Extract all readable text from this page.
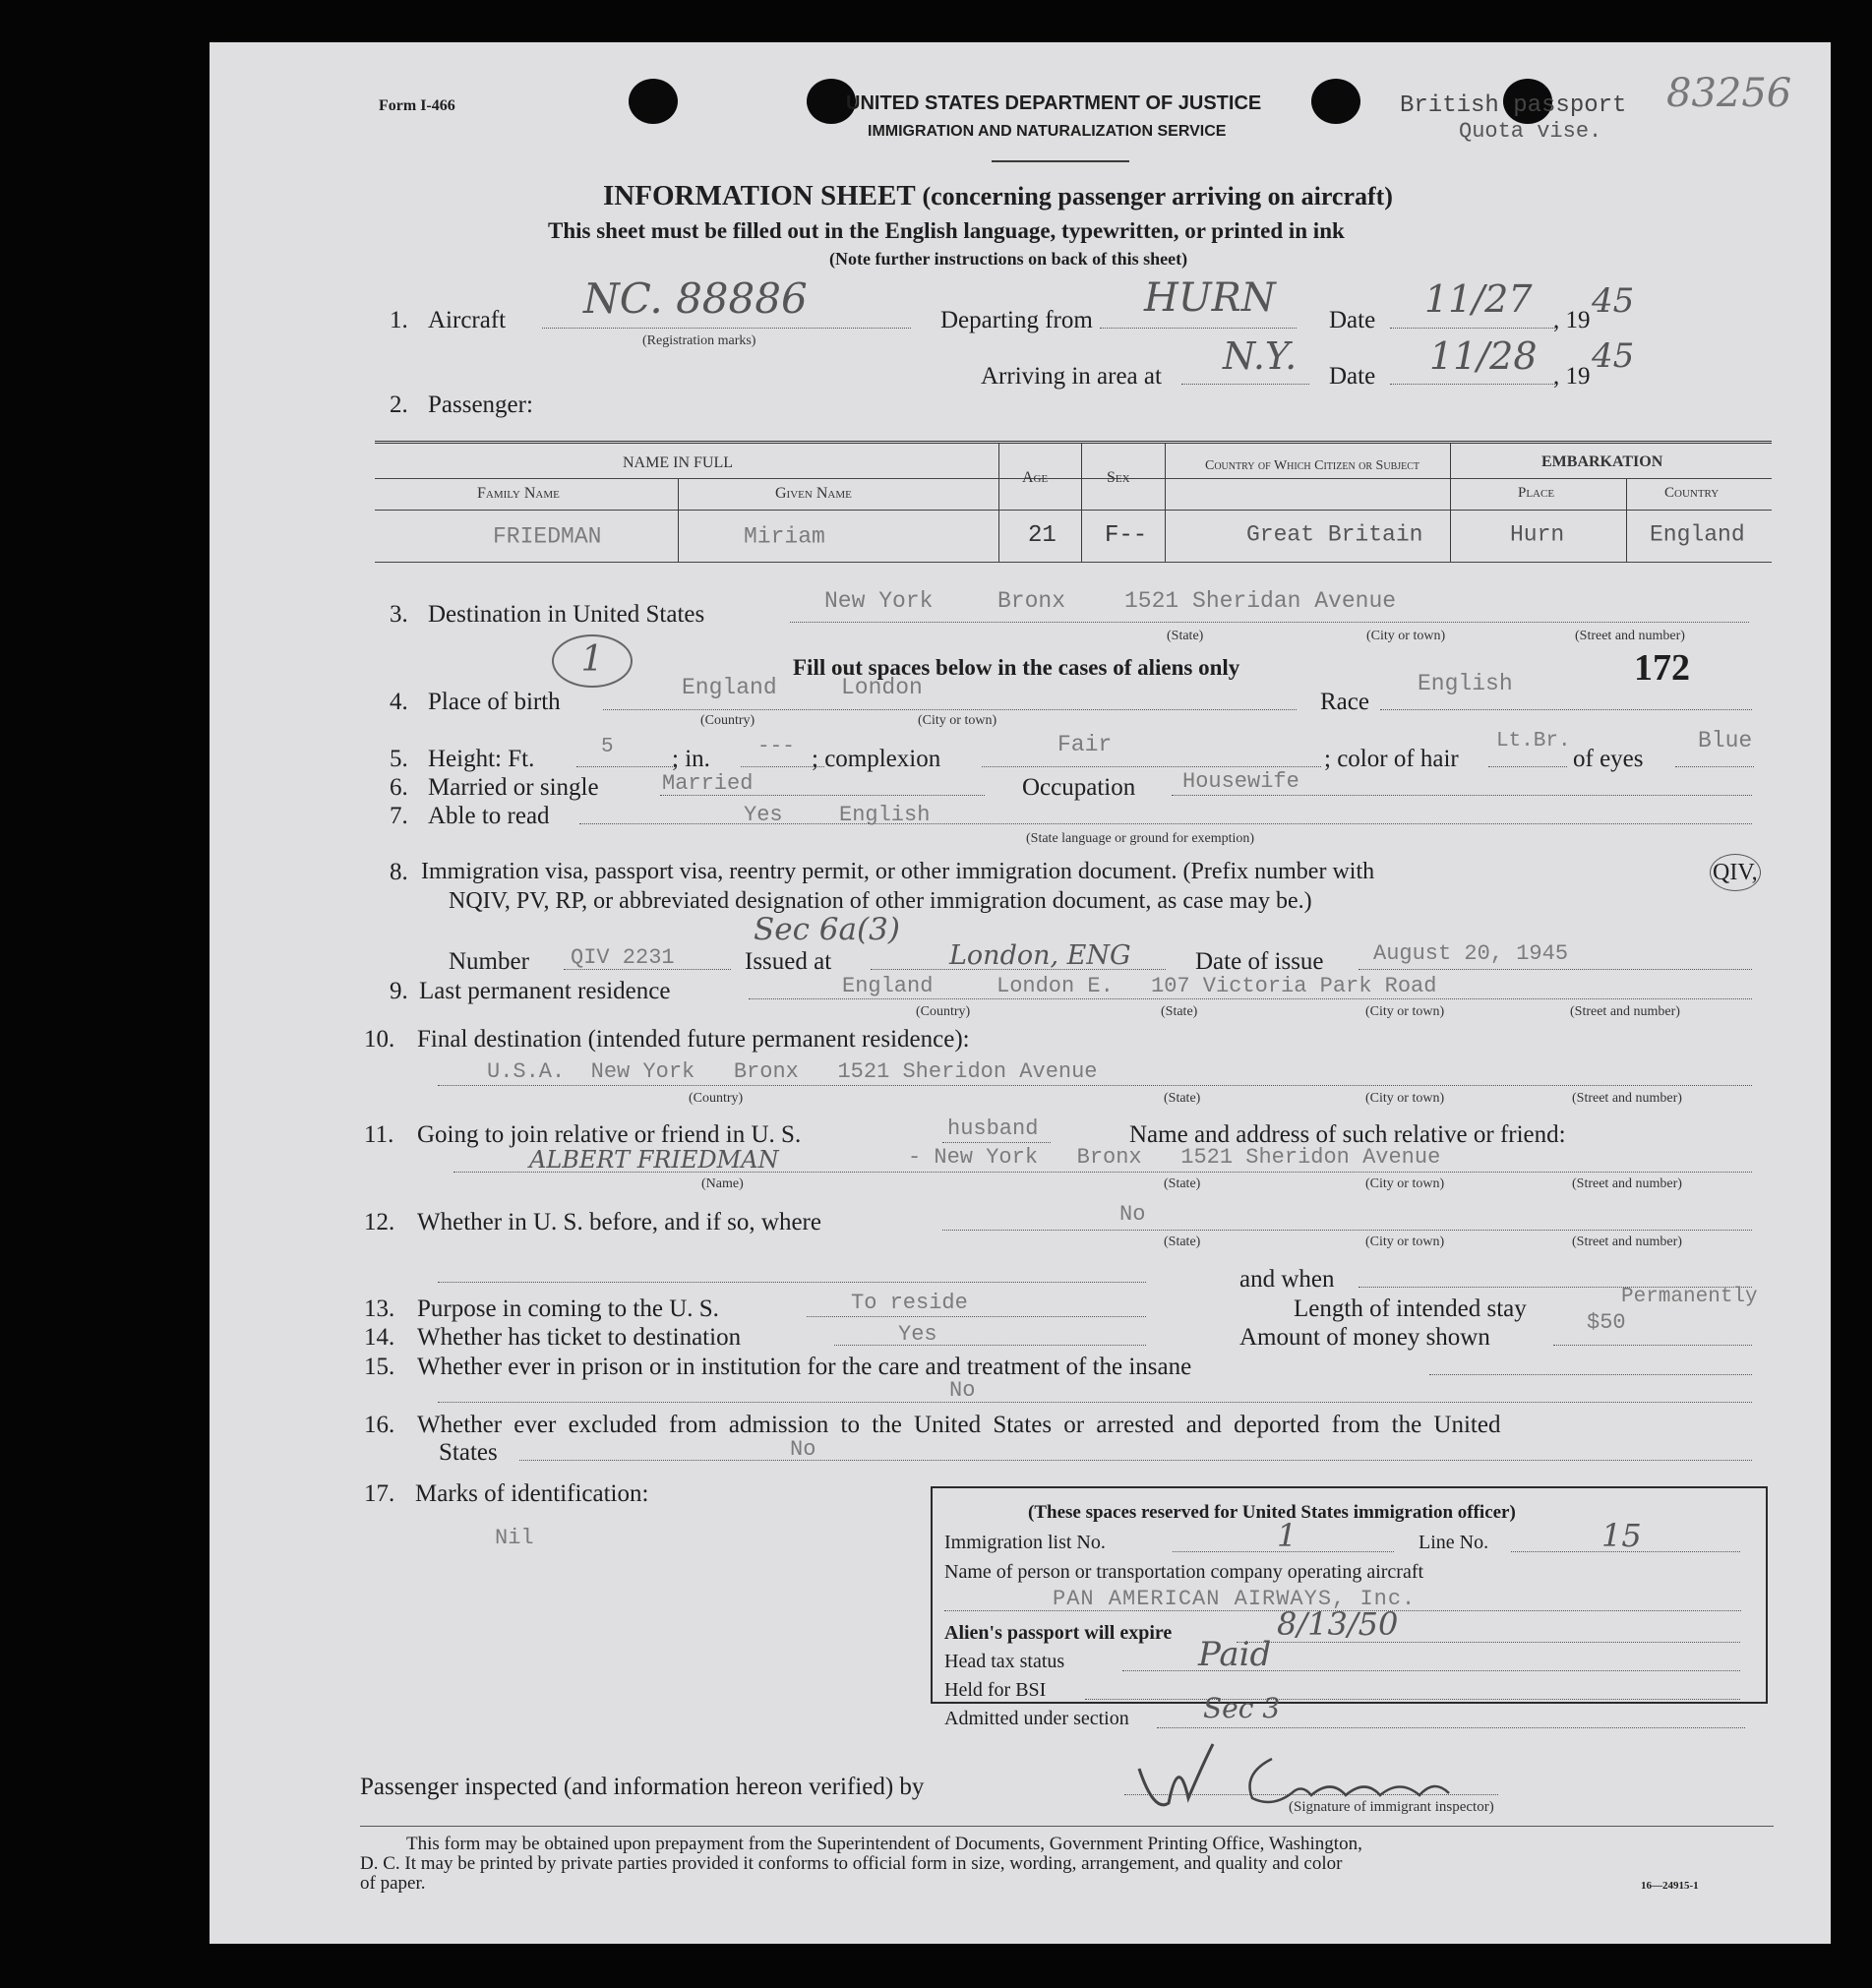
Form I-466	UNITED STATES DEPARTMENT OF JUSTICE
IMMIGRATION AND NATURALIZATION SERVICE
British passport
Quota vise.
83256
INFORMATION SHEET (concerning passenger arriving on aircraft)
This sheet must be filled out in the English language, typewritten, or printed in ink
(Note further instructions on back of this sheet)
1. Aircraft NC. 88886
(Registration marks)
Departing from HURN Date 11/27 , 19 45
Arriving in area at N.Y. Date 11/28 , 19
45
2. Passenger:
NAME IN FULL
Family Name	Given Name
Age	Sex
Country of Which Citizen or Subject	EMBARKATION
Place	Country
FRIEDMAN	Miriam	21 F--	Great Britain	Hurn	England
3. Destination in United States	New York	Bronx	1521 Sheridan Avenue
(State)	(City or town)	(Street and number)
1	Fill out spaces below in the cases of aliens only	172
4. Place of birth
England	London
(Country)	(City or town)
Race
English
5. Height: Ft.	5 ; in. --- ; complexion
Fair
; color of hair
Lt.Br.
of eyes
Blue
6. Married or single	Married	Occupation Housewife
7. Able to read	Yes	English
(State language or ground for exemption)
8. Immigration visa, passport visa, reentry permit, or other immigration document. (Prefix number with	QIV,
NQIV, PV, RP, or abbreviated designation of other immigration document, as case may be.)
Sec 6a(3)
Number QIV 2231	Issued at	London, ENG	Date of issue August 20, 1945
9. Last permanent residence	England	London E. 107 Victoria Park Road
(Country)	(State)	(City or town)	(Street and number)
10. Final destination (intended future permanent residence):
U.S.A.  New York   Bronx   1521 Sheridon Avenue
(Country)	(State)	(City or town)	(Street and number)
11. Going to join relative or friend in U. S.	husband	Name and address of such relative or friend:
ALBERT FRIEDMAN	- New York   Bronx   1521 Sheridon Avenue
(Name)	(State)	(City or town)	(Street and number)
12. Whether in U. S. before, and if so, where	No
(State)	(City or town)	(Street and number)
and when
13. Purpose in coming to the U. S.	To reside	Length of intended stay	Permanently
14. Whether has ticket to destination	Yes	Amount of money shown
$50
15. Whether ever in prison or in institution for the care and treatment of the insane
No
16. Whether ever excluded from admission to the United States or arrested and deported from the United
States	No
17. Marks of identification:
Nil
(These spaces reserved for United States immigration officer)
Immigration list No.	1	Line No.	15
Name of person or transportation company operating aircraft
PAN AMERICAN AIRWAYS, Inc.
Alien's passport will expire	8/13/50
Head tax status	Paid
Held for BSI
Admitted under section	Sec 3
Passenger inspected (and information hereon verified) by
(Signature of immigrant inspector)
This form may be obtained upon prepayment from the Superintendent of Documents, Government Printing Office, Washington,
D. C. It may be printed by private parties provided it conforms to official form in size, wording, arrangement, and quality and color
of paper.	16—24915-1
